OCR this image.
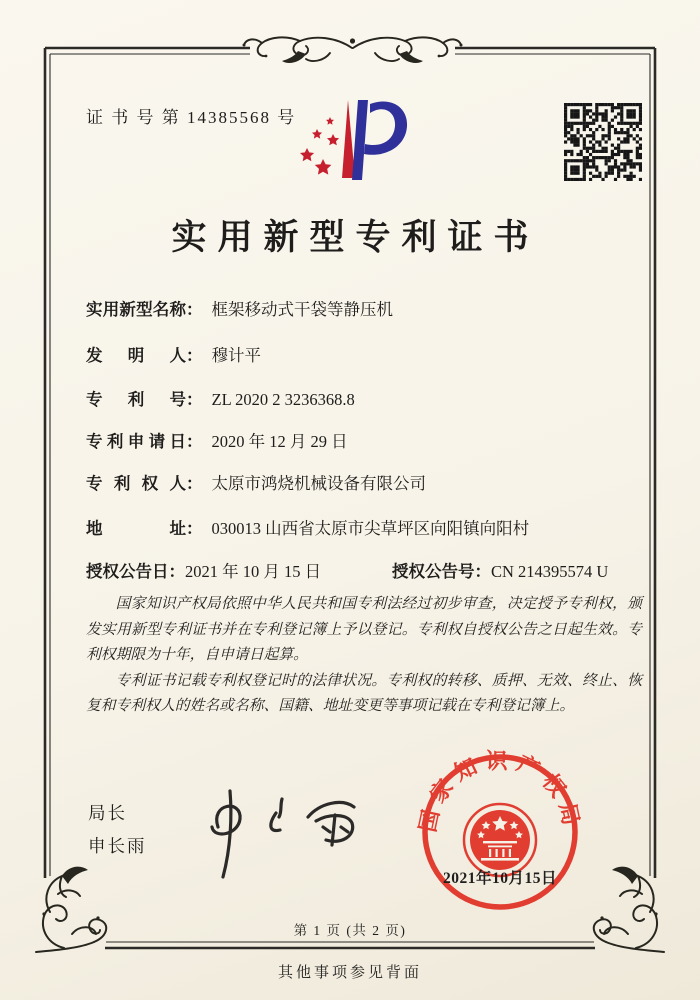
证 书 号 第 14385568 号
实用新型专利证书
实用新型名称： 框架移动式干袋等静压机
发明人： 穆计平
专利号： ZL 2020 2 3236368.8
专利申请日： 2020 年 12 月 29 日
专利权人： 太原市鸿烧机械设备有限公司
地址： 030013 山西省太原市尖草坪区向阳镇向阳村
授权公告日：2021 年 10 月 15 日	授权公告号：CN 214395574 U

国家知识产权局依照中华人民共和国专利法经过初步审查，决定授予专利权，颁发实用新型专利证书并在专利登记簿上予以登记。专利权自授权公告之日起生效。专利权期限为十年，自申请日起算。

专利证书记载专利权登记时的法律状况。专利权的转移、质押、无效、终止、恢复和专利权人的姓名或名称、国籍、地址变更等事项记载在专利登记簿上。

局长
申长雨
国家知识产权局
2021年10月15日
第 1 页 (共 2 页)
其他事项参见背面
